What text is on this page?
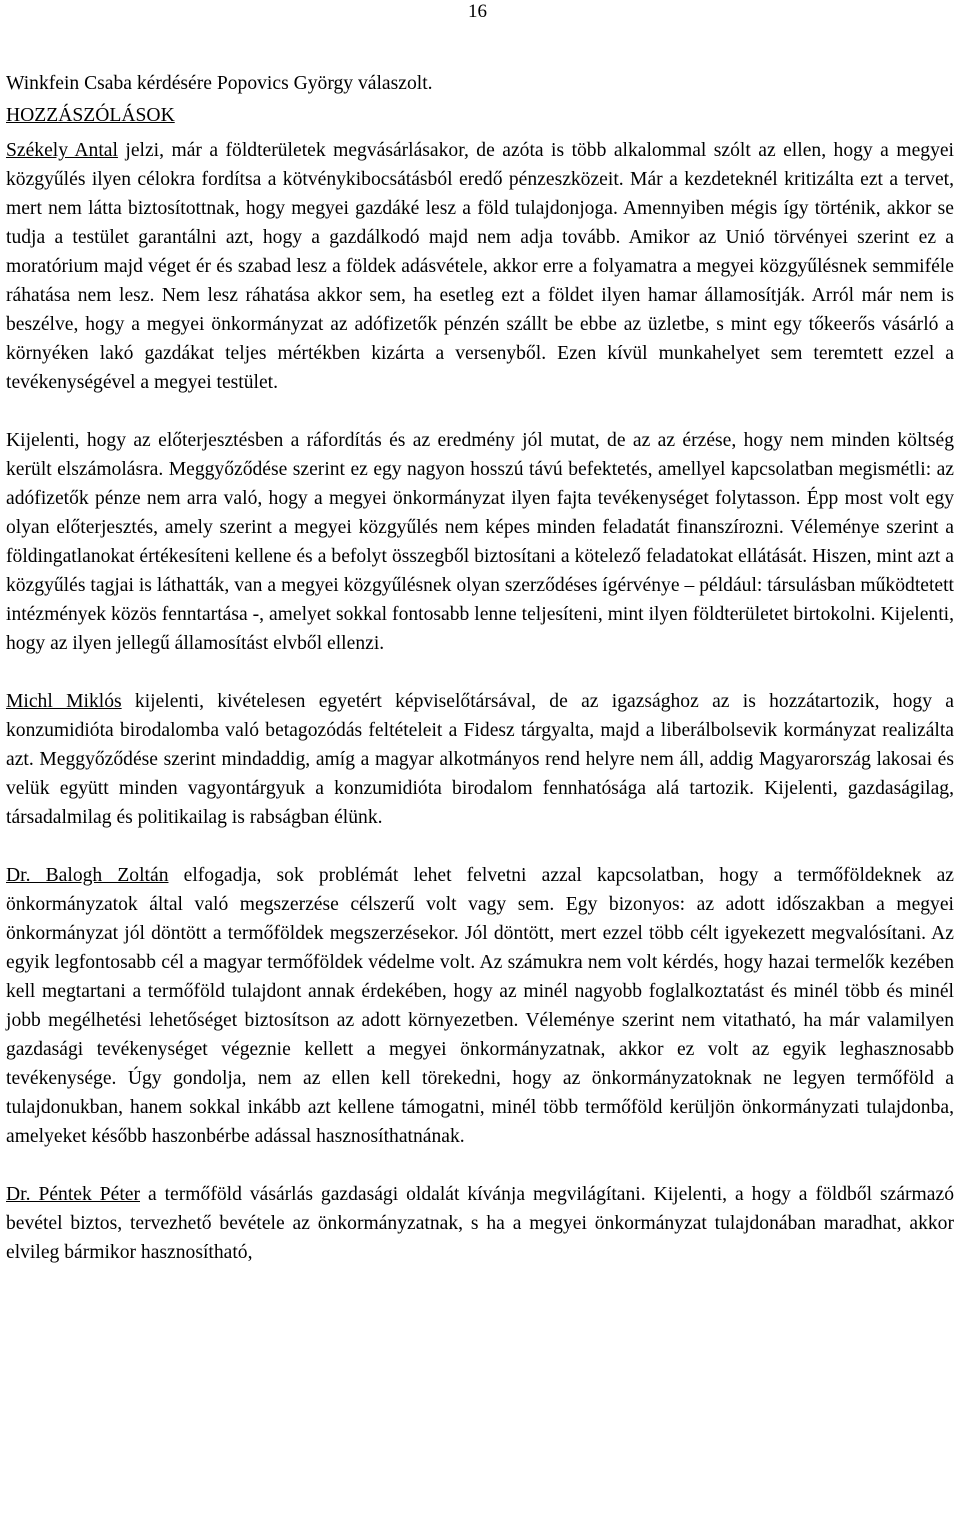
16

Winkfein Csaba kérdésére Popovics György válaszolt.

HOZZÁSZÓLÁSOK

Székely Antal jelzi, már a földterületek megvásárlásakor, de azóta is több alkalommal szólt az ellen, hogy a megyei közgyűlés ilyen célokra fordítsa a kötvénykibocsátásból eredő pénzeszközeit. Már a kezdeteknél kritizálta ezt a tervet, mert nem látta biztosítottnak, hogy megyei gazdáké lesz a föld tulajdonjoga. Amennyiben mégis így történik, akkor se tudja a testület garantálni azt, hogy a gazdálkodó majd nem adja tovább. Amikor az Unió törvényei szerint ez a moratórium majd véget ér és szabad lesz a földek adásvétele, akkor erre a folyamatra a megyei közgyűlésnek semmiféle ráhatása nem lesz. Nem lesz ráhatása akkor sem, ha esetleg ezt a földet ilyen hamar államosítják. Arról már nem is beszélve, hogy a megyei önkormányzat az adófizetők pénzén szállt be ebbe az üzletbe, s mint egy tőkeerős vásárló a környéken lakó gazdákat teljes mértékben kizárta a versenyből. Ezen kívül munkahelyet sem teremtett ezzel a tevékenységével a megyei testület.

Kijelenti, hogy az előterjesztésben a ráfordítás és az eredmény jól mutat, de az az érzése, hogy nem minden költség került elszámolásra. Meggyőződése szerint ez egy nagyon hosszú távú befektetés, amellyel kapcsolatban megismétli: az adófizetők pénze nem arra való, hogy a megyei önkormányzat ilyen fajta tevékenységet folytasson. Épp most volt egy olyan előterjesztés, amely szerint a megyei közgyűlés nem képes minden feladatát finanszírozni. Véleménye szerint a földingatlanokat értékesíteni kellene és a befolyt összegből biztosítani a kötelező feladatokat ellátását. Hiszen, mint azt a közgyűlés tagjai is láthatták, van a megyei közgyűlésnek olyan szerződéses ígérvénye – például: társulásban működtetett intézmények közös fenntartása -, amelyet sokkal fontosabb lenne teljesíteni, mint ilyen földterületet birtokolni. Kijelenti, hogy az ilyen jellegű államosítást elvből ellenzi.

Michl Miklós kijelenti, kivételesen egyetért képviselőtársával, de az igazsághoz az is hozzátartozik, hogy a konzumidióta birodalomba való betagozódás feltételeit a Fidesz tárgyalta, majd a liberálbolsevik kormányzat realizálta azt. Meggyőződése szerint mindaddig, amíg a magyar alkotmányos rend helyre nem áll, addig Magyarország lakosai és velük együtt minden vagyontárgyuk a konzumidióta birodalom fennhatósága alá tartozik. Kijelenti, gazdaságilag, társadalmilag és politikailag is rabságban élünk.

Dr. Balogh Zoltán elfogadja, sok problémát lehet felvetni azzal kapcsolatban, hogy a termőföldeknek az önkormányzatok által való megszerzése célszerű volt vagy sem. Egy bizonyos: az adott időszakban a megyei önkormányzat jól döntött a termőföldek megszerzésekor. Jól döntött, mert ezzel több célt igyekezett megvalósítani. Az egyik legfontosabb cél a magyar termőföldek védelme volt. Az számukra nem volt kérdés, hogy hazai termelők kezében kell megtartani a termőföld tulajdont annak érdekében, hogy az minél nagyobb foglalkoztatást és minél több és minél jobb megélhetési lehetőséget biztosítson az adott környezetben. Véleménye szerint nem vitatható, ha már valamilyen gazdasági tevékenységet végeznie kellett a megyei önkormányzatnak, akkor ez volt az egyik leghasznosabb tevékenysége. Úgy gondolja, nem az ellen kell törekedni, hogy az önkormányzatoknak ne legyen termőföld a tulajdonukban, hanem sokkal inkább azt kellene támogatni, minél több termőföld kerüljön önkormányzati tulajdonba, amelyeket később haszonbérbe adással hasznosíthatnának.

Dr. Péntek Péter a termőföld vásárlás gazdasági oldalát kívánja megvilágítani. Kijelenti, a hogy a földből származó bevétel biztos, tervezhető bevétele az önkormányzatnak, s ha a megyei önkormányzat tulajdonában maradhat, akkor elvileg bármikor hasznosítható,
